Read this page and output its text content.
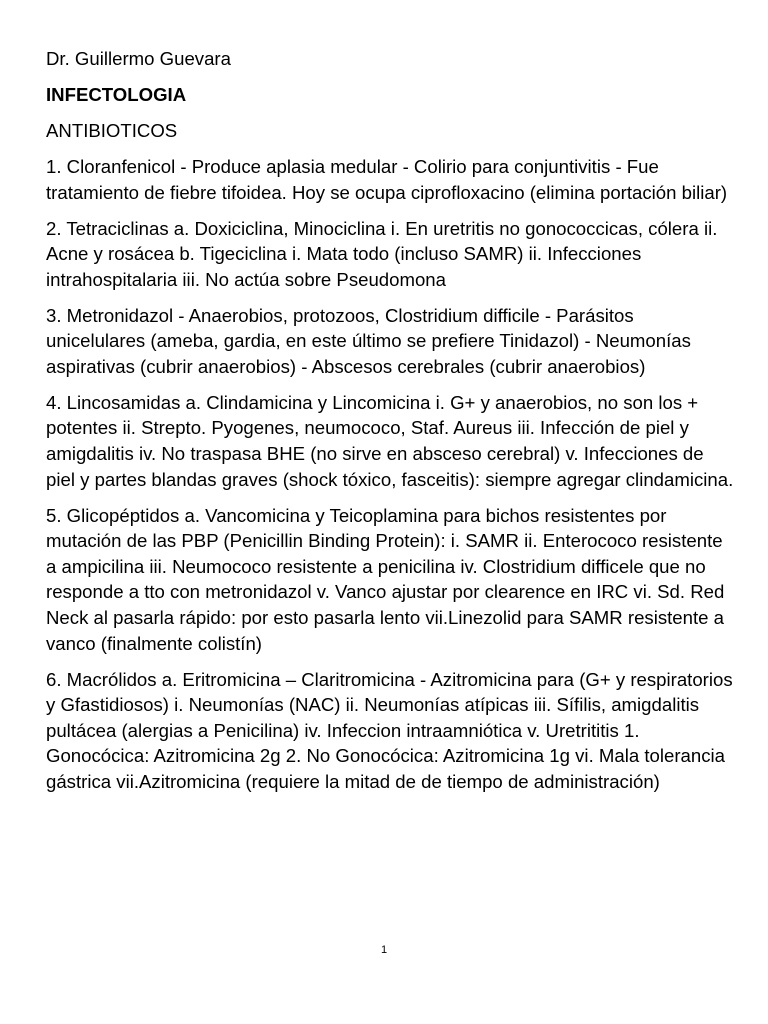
Dr. Guillermo Guevara

INFECTOLOGIA

ANTIBIOTICOS

1. Cloranfenicol - Produce aplasia medular - Colirio para conjuntivitis - Fue tratamiento de fiebre tifoidea. Hoy se ocupa ciprofloxacino (elimina portación biliar)

2. Tetraciclinas a. Doxiciclina, Minociclina i. En uretritis no gonococcicas, cólera ii. Acne y rosácea b. Tigeciclina i. Mata todo (incluso SAMR) ii. Infecciones intrahospitalaria iii. No actúa sobre Pseudomona

3. Metronidazol - Anaerobios, protozoos, Clostridium difficile - Parásitos unicelulares (ameba, gardia, en este último se prefiere Tinidazol) - Neumonías aspirativas (cubrir anaerobios) - Abscesos cerebrales (cubrir anaerobios)

4. Lincosamidas a. Clindamicina y Lincomicina i. G+ y anaerobios, no son los + potentes ii. Strepto. Pyogenes, neumococo, Staf. Aureus iii. Infección de piel y amigdalitis iv. No traspasa BHE (no sirve en absceso cerebral) v. Infecciones de piel y partes blandas graves (shock tóxico, fasceitis): siempre agregar clindamicina.

5. Glicopéptidos a. Vancomicina y Teicoplamina para bichos resistentes por mutación de las PBP (Penicillin Binding Protein): i. SAMR ii. Enterococo resistente a ampicilina iii. Neumococo resistente a penicilina iv. Clostridium difficele que no responde a tto con metronidazol v. Vanco ajustar por clearence en IRC vi. Sd. Red Neck al pasarla rápido: por esto pasarla lento vii.Linezolid para SAMR resistente a vanco (finalmente colistín)

6. Macrólidos a. Eritromicina – Claritromicina - Azitromicina para (G+ y respiratorios y Gfastidiosos) i. Neumonías (NAC) ii. Neumonías atípicas iii. Sífilis, amigdalitis pultácea (alergias a Penicilina) iv. Infeccion intraamniótica v. Uretrititis 1. Gonocócica: Azitromicina 2g 2. No Gonocócica: Azitromicina 1g vi. Mala tolerancia gástrica vii.Azitromicina (requiere la mitad de de tiempo de administración)

1
